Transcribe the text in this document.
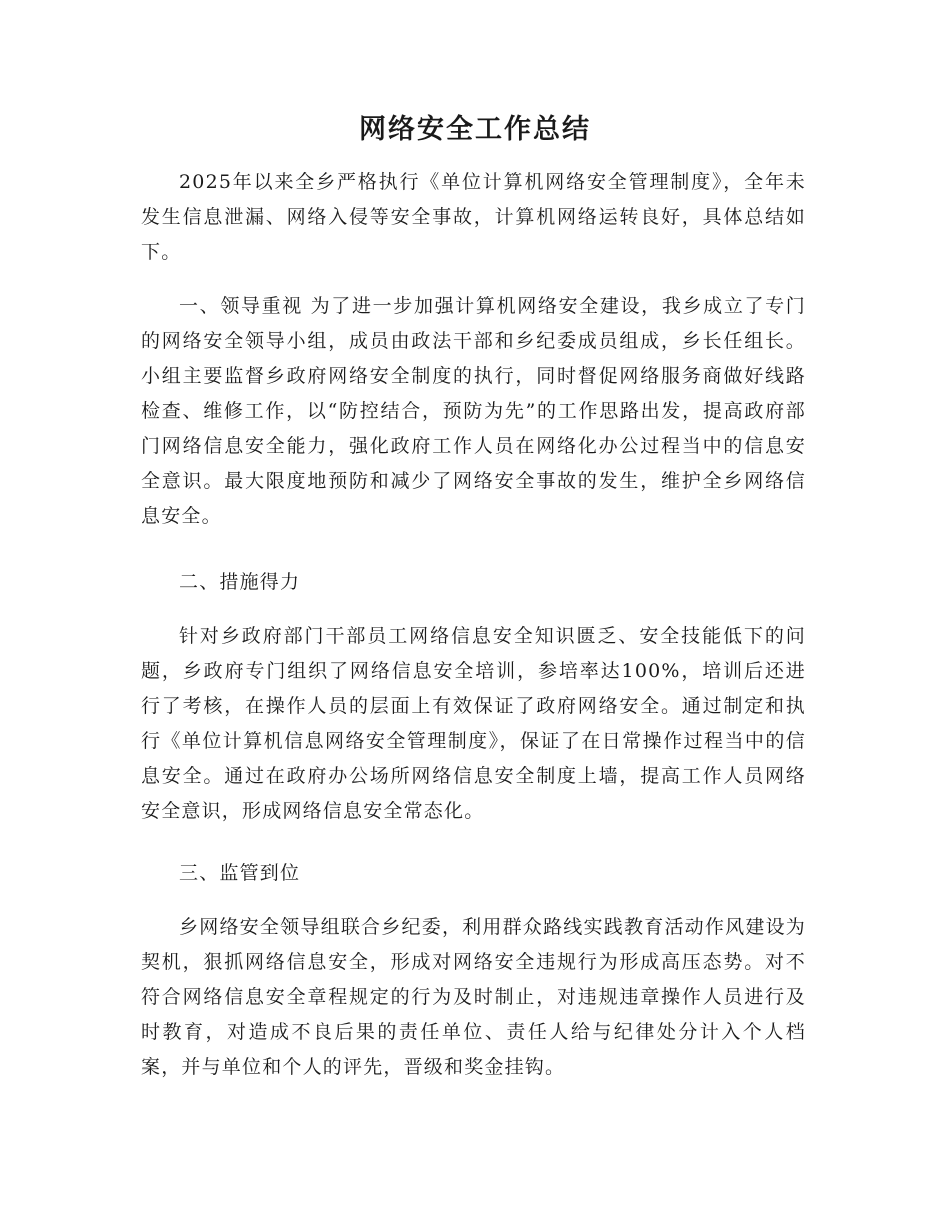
网络安全工作总结

2025年以来全乡严格执行《单位计算机网络安全管理制度》，全年未发生信息泄漏、网络入侵等安全事故，计算机网络运转良好，具体总结如下。

一、领导重视 为了进一步加强计算机网络安全建设，我乡成立了专门的网络安全领导小组，成员由政法干部和乡纪委成员组成，乡长任组长。小组主要监督乡政府网络安全制度的执行，同时督促网络服务商做好线路检查、维修工作，以“防控结合，预防为先”的工作思路出发，提高政府部门网络信息安全能力，强化政府工作人员在网络化办公过程当中的信息安全意识。最大限度地预防和减少了网络安全事故的发生，维护全乡网络信息安全。

二、措施得力

针对乡政府部门干部员工网络信息安全知识匮乏、安全技能低下的问题，乡政府专门组织了网络信息安全培训，参培率达100%，培训后还进行了考核，在操作人员的层面上有效保证了政府网络安全。通过制定和执行《单位计算机信息网络安全管理制度》，保证了在日常操作过程当中的信息安全。通过在政府办公场所网络信息安全制度上墙，提高工作人员网络安全意识，形成网络信息安全常态化。

三、监管到位

乡网络安全领导组联合乡纪委，利用群众路线实践教育活动作风建设为契机，狠抓网络信息安全，形成对网络安全违规行为形成高压态势。对不符合网络信息安全章程规定的行为及时制止，对违规违章操作人员进行及时教育，对造成不良后果的责任单位、责任人给与纪律处分计入个人档案，并与单位和个人的评先，晋级和奖金挂钩。
